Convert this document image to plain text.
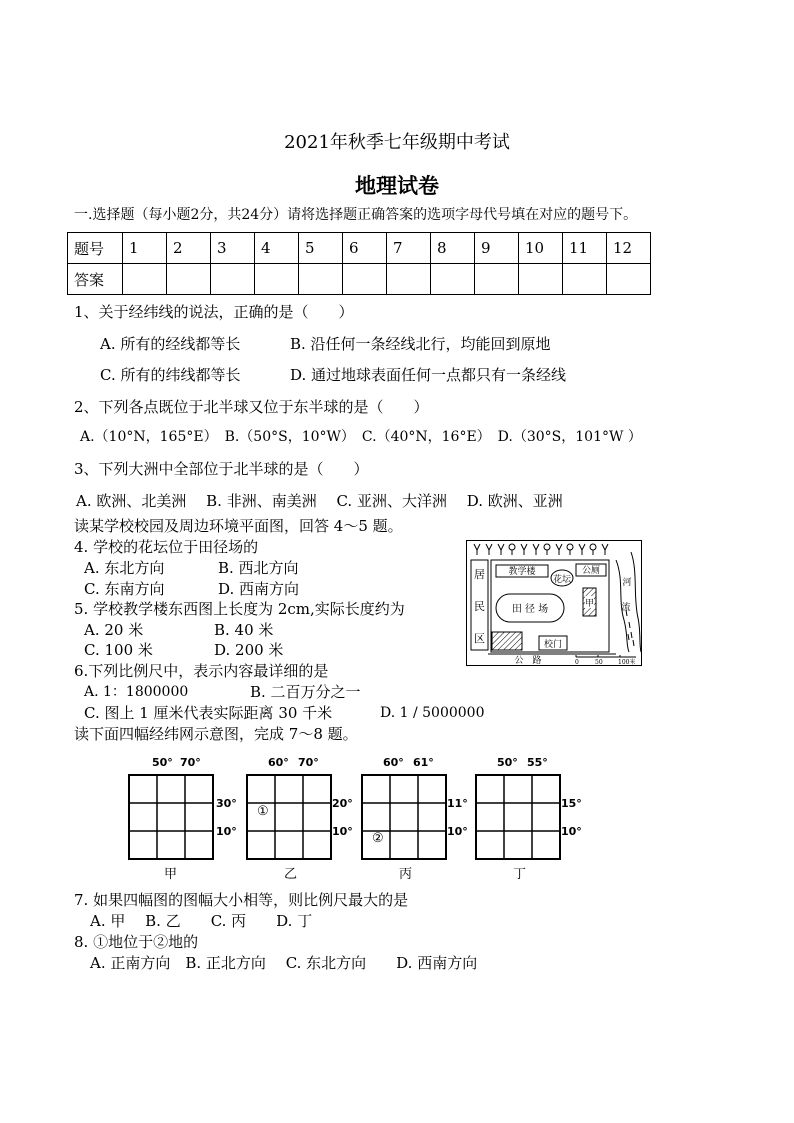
2021年秋季七年级期中考试
地理试卷
一.选择题（每小题2分，共24分）请将选择题正确答案的选项字母代号填在对应的题号下。
题号	1	2	3	4	5	6	7	8	9	10	11	12
答案												
1、关于经纬线的说法，正确的是（　　）
A. 所有的经线都等长	B. 沿任何一条经线北行，均能回到原地
C. 所有的纬线都等长	D. 通过地球表面任何一点都只有一条经线
2、下列各点既位于北半球又位于东半球的是（　　）
A.（10°N，165°E）　B.（50°S，10°W）　C.（40°N，16°E）　D.（30°S，101°W ）
3、下列大洲中全部位于北半球的是（　　）
A. 欧洲、北美洲　 B. 非洲、南美洲　 C. 亚洲、大洋洲　 D. 欧洲、亚洲
读某学校校园及周边环境平面图，回答 4～5 题。
4. 学校的花坛位于田径场的
A. 东北方向	B. 西北方向
C. 东南方向	D. 西南方向
5. 学校教学楼东西图上长度为 2cm,实际长度约为
A. 20 米	B. 40 米
C. 100 米	D. 200 米
6.下列比例尺中，表示内容最详细的是
A. 1：1800000	B. 二百万分之一
C. 图上 1 厘米代表实际距离 30 千米	D. 1 / 5000000
读下面四幅经纬网示意图，完成 7～8 题。
居
民
区
教学楼
花坛
公厕
田 径 场	甲
校门
河
流
公　路	0	50	100米
50° 70°
30°
10°
甲
60° 70°
①
20°
10°
乙
60° 61°
②
11°
10°
丙
50° 55°
15°
10°
丁
7. 如果四幅图的图幅大小相等，则比例尺最大的是
A. 甲　 B. 乙　　C. 丙　　D. 丁
8. ①地位于②地的
A. 正南方向　B. 正北方向　 C. 东北方向　　D. 西南方向
